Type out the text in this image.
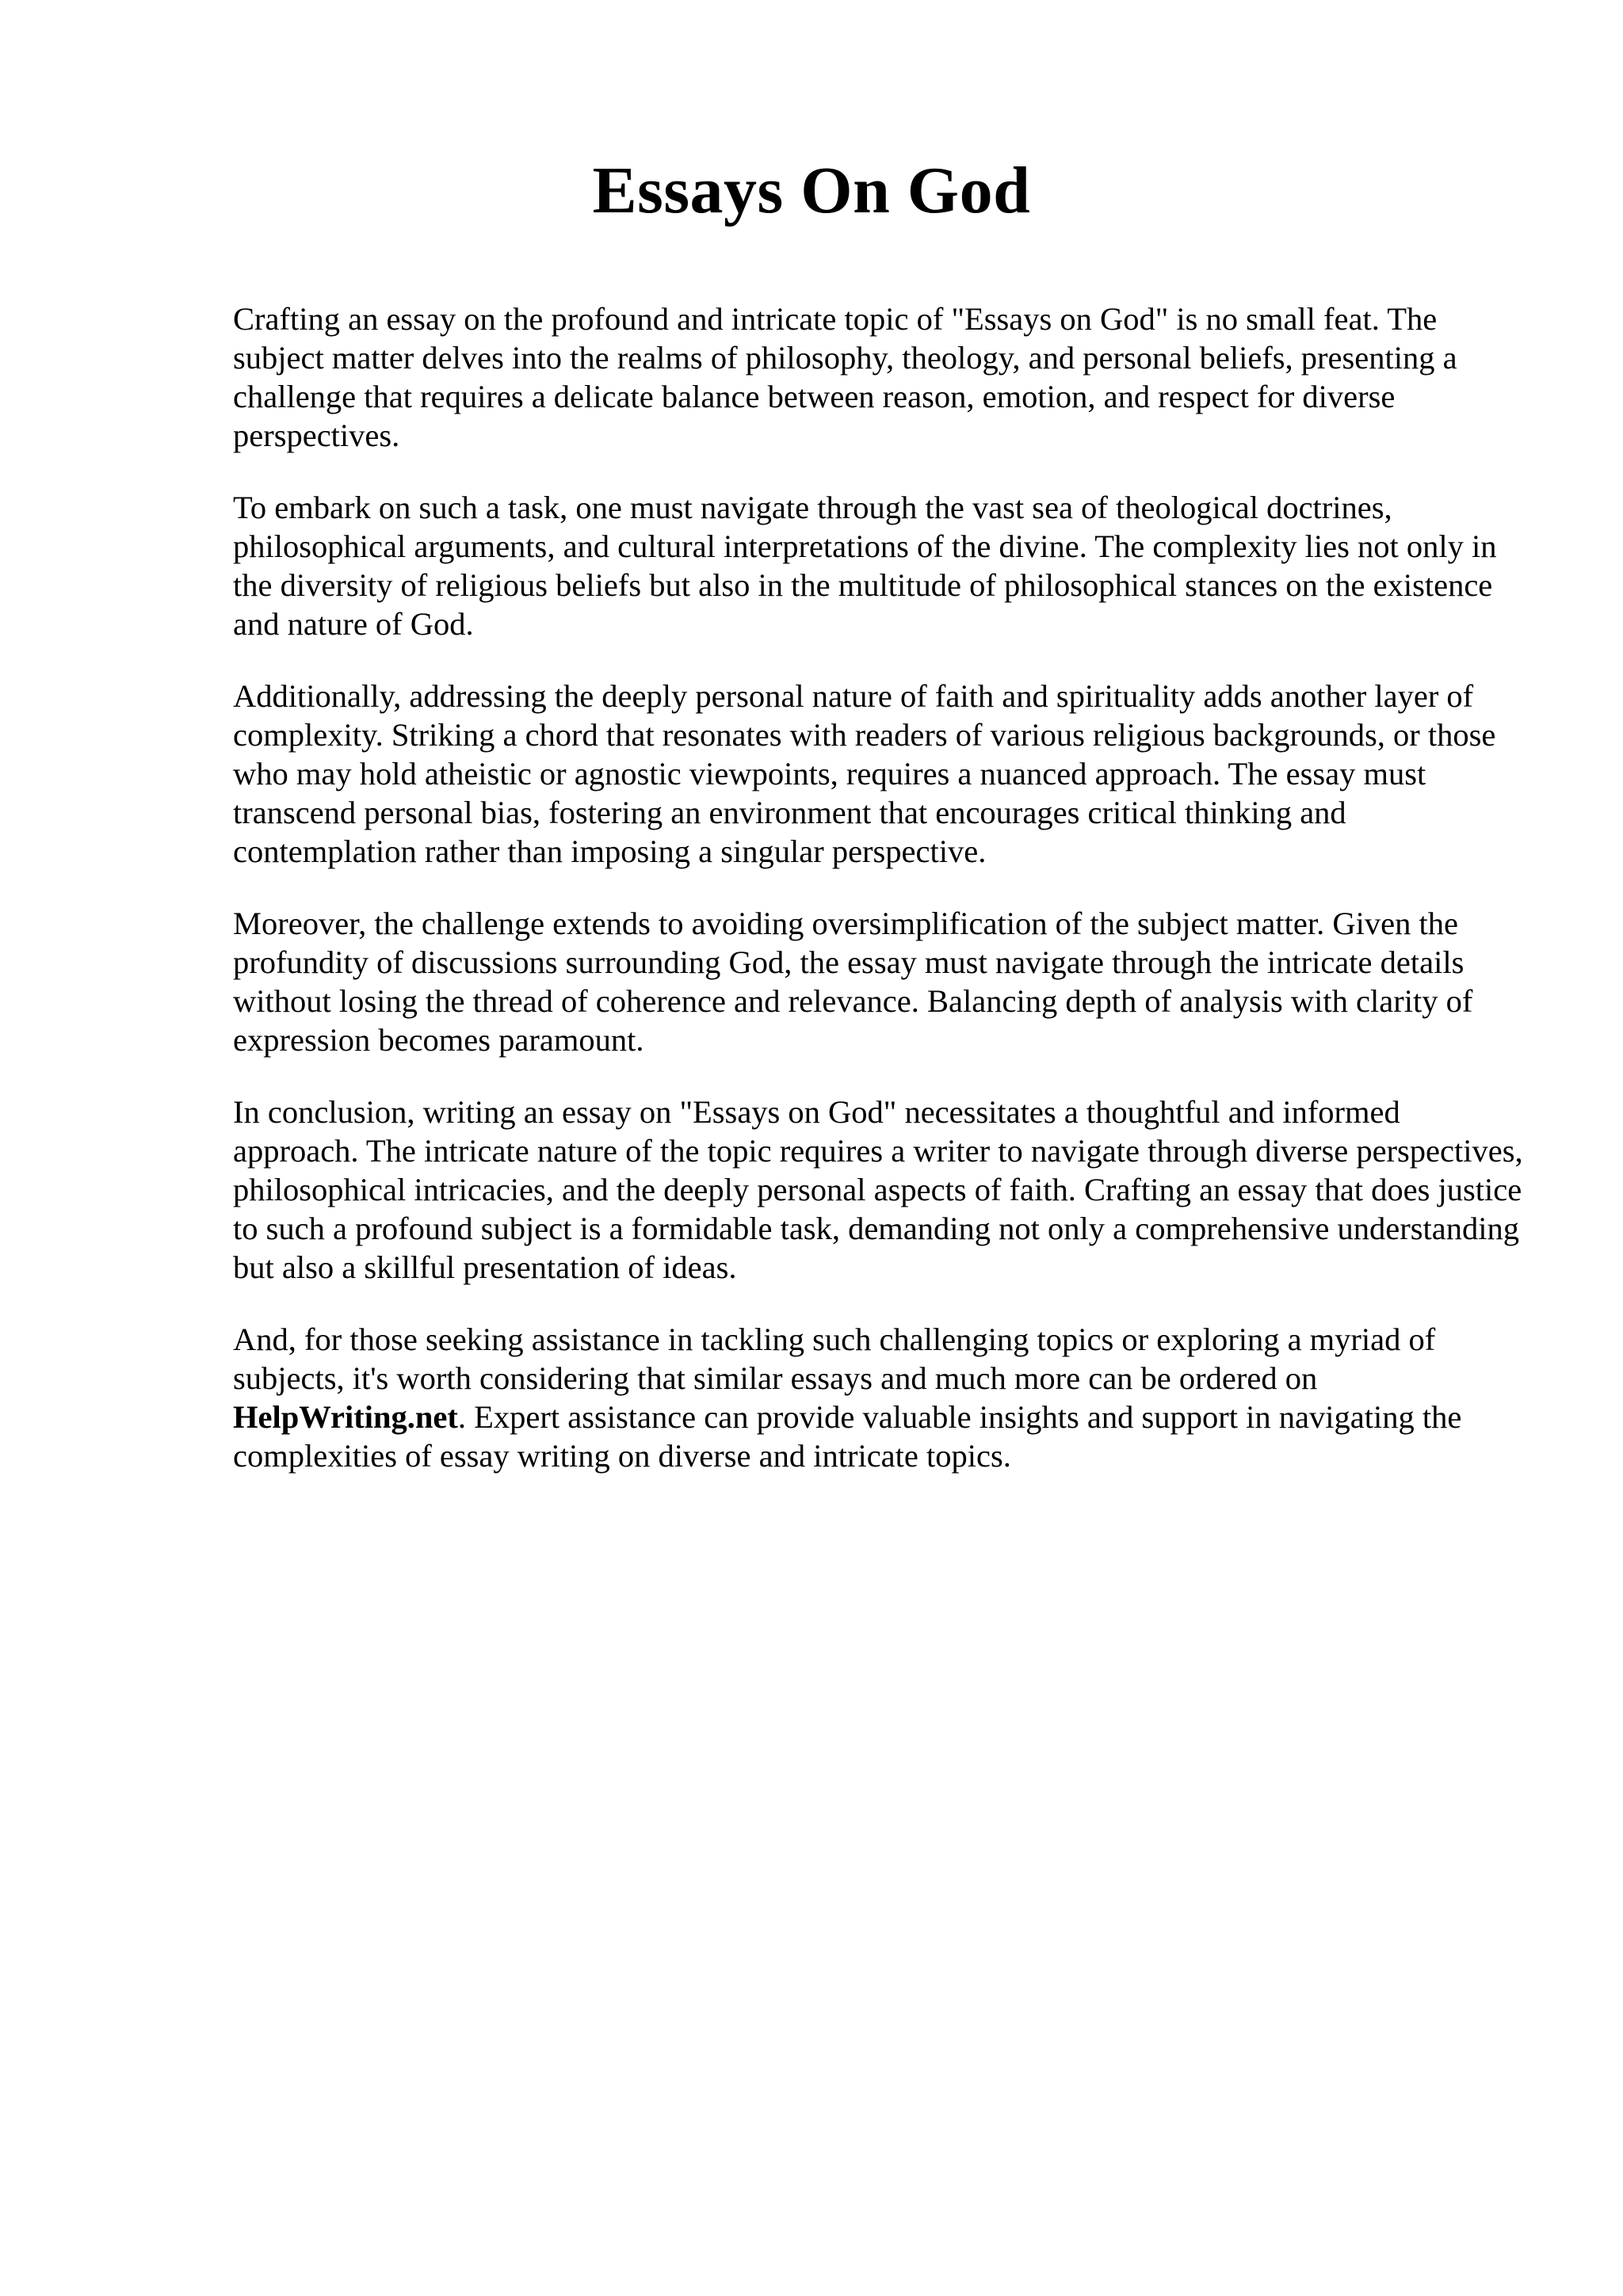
Essays On God

Crafting an essay on the profound and intricate topic of "Essays on God" is no small feat. The subject matter delves into the realms of philosophy, theology, and personal beliefs, presenting a challenge that requires a delicate balance between reason, emotion, and respect for diverse perspectives.

To embark on such a task, one must navigate through the vast sea of theological doctrines, philosophical arguments, and cultural interpretations of the divine. The complexity lies not only in the diversity of religious beliefs but also in the multitude of philosophical stances on the existence and nature of God.

Additionally, addressing the deeply personal nature of faith and spirituality adds another layer of complexity. Striking a chord that resonates with readers of various religious backgrounds, or those who may hold atheistic or agnostic viewpoints, requires a nuanced approach. The essay must transcend personal bias, fostering an environment that encourages critical thinking and contemplation rather than imposing a singular perspective.

Moreover, the challenge extends to avoiding oversimplification of the subject matter. Given the profundity of discussions surrounding God, the essay must navigate through the intricate details without losing the thread of coherence and relevance. Balancing depth of analysis with clarity of expression becomes paramount.

In conclusion, writing an essay on "Essays on God" necessitates a thoughtful and informed approach. The intricate nature of the topic requires a writer to navigate through diverse perspectives, philosophical intricacies, and the deeply personal aspects of faith. Crafting an essay that does justice to such a profound subject is a formidable task, demanding not only a comprehensive understanding but also a skillful presentation of ideas.

And, for those seeking assistance in tackling such challenging topics or exploring a myriad of subjects, it's worth considering that similar essays and much more can be ordered on HelpWriting.net. Expert assistance can provide valuable insights and support in navigating the complexities of essay writing on diverse and intricate topics.
